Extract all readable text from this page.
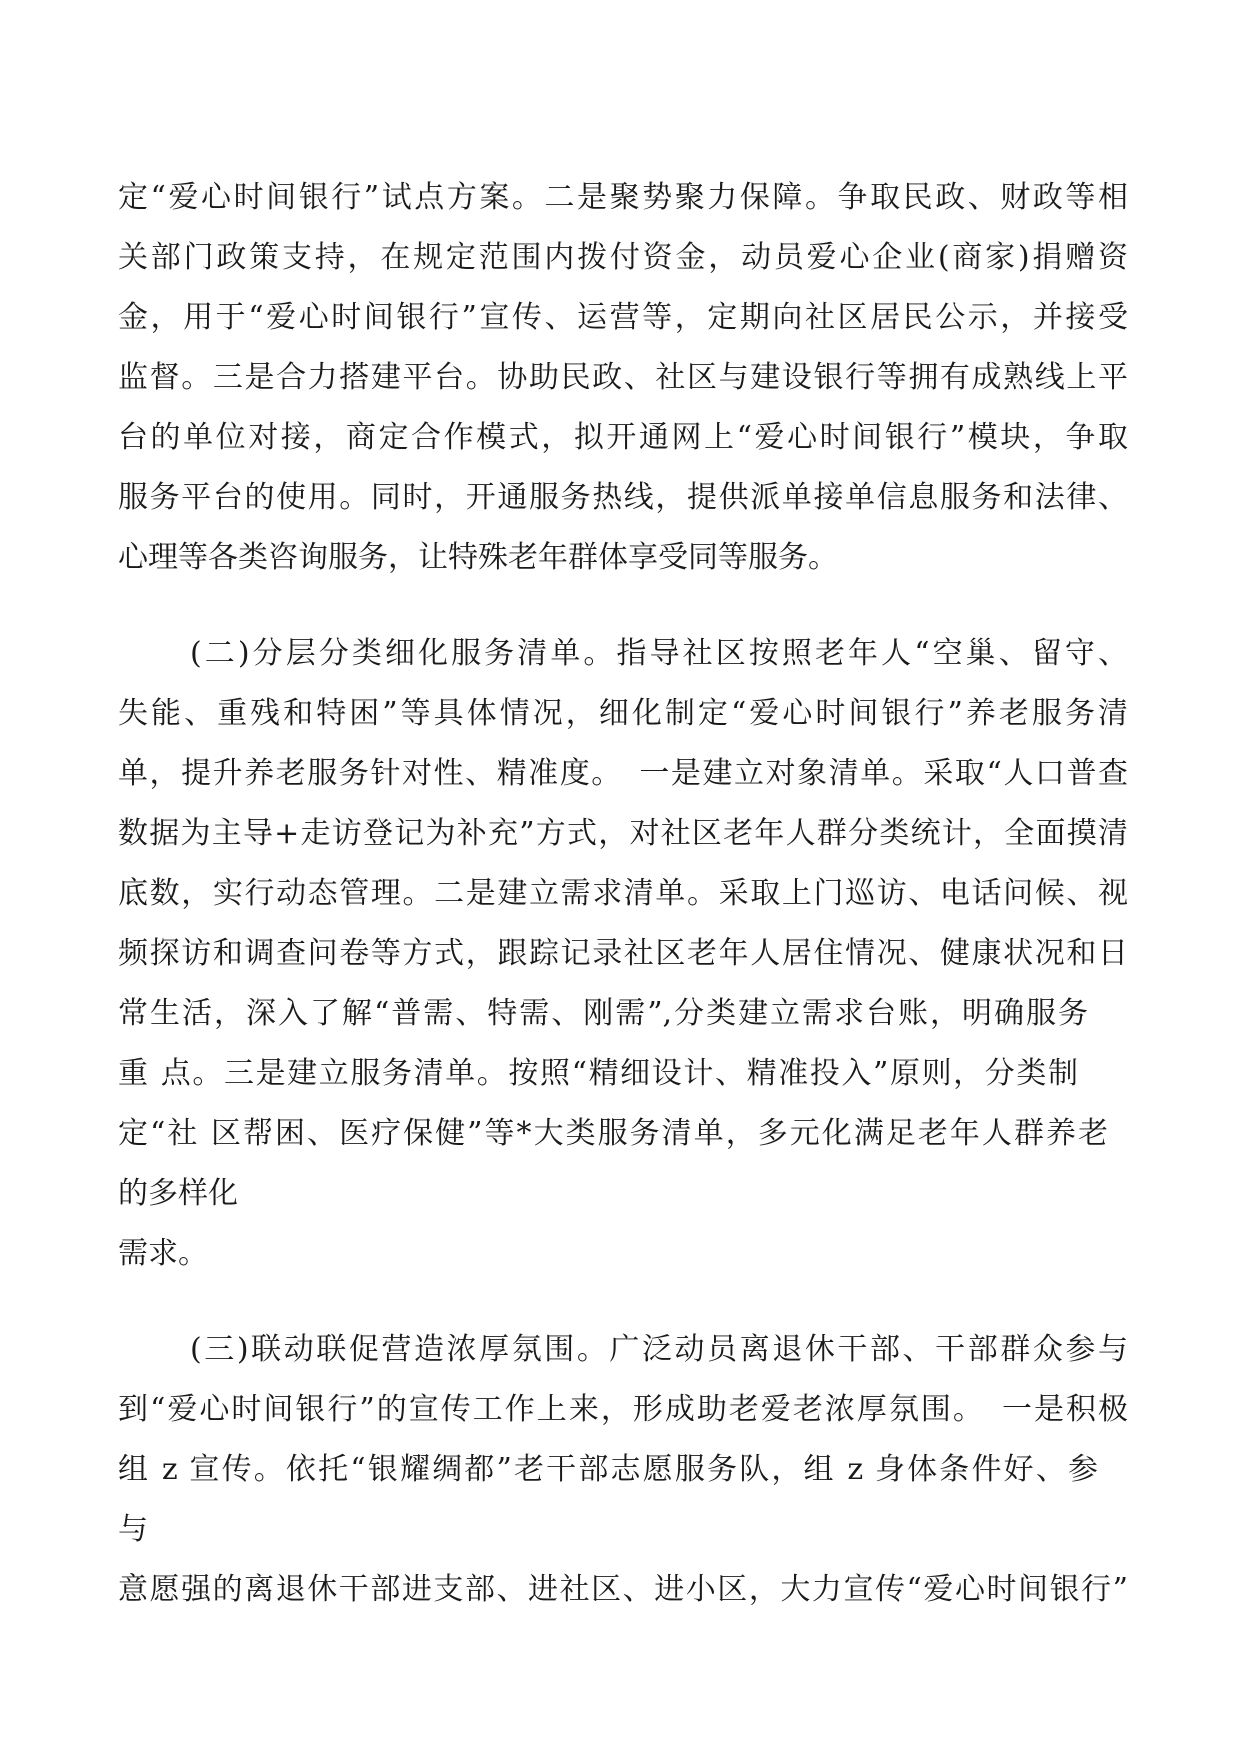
定“爱心时间银行”试点方案。二是聚势聚力保障。争取民政、财政等相
关部门政策支持，在规定范围内拨付资金，动员爱心企业(商家)捐赠资
金，用于“爱心时间银行”宣传、运营等，定期向社区居民公示，并接受
监督。三是合力搭建平台。协助民政、社区与建设银行等拥有成熟线上平
台的单位对接，商定合作模式，拟开通网上“爱心时间银行”模块，争取
服务平台的使用。同时，开通服务热线，提供派单接单信息服务和法律、
心理等各类咨询服务，让特殊老年群体享受同等服务。
(二)分层分类细化服务清单。指导社区按照老年人“空巢、留守、
失能、重残和特困”等具体情况，细化制定“爱心时间银行”养老服务清
单，提升养老服务针对性、精准度。　一是建立对象清单。采取“人口普查
数据为主导+走访登记为补充”方式，对社区老年人群分类统计，全面摸清
底数，实行动态管理。二是建立需求清单。采取上门巡访、电话问候、视
频探访和调查问卷等方式，跟踪记录社区老年人居住情况、健康状况和日
常生活，深入了解“普需、特需、刚需”,分类建立需求台账，明确服务
重 点。三是建立服务清单。按照“精细设计、精准投入”原则，分类制
定“社 区帮困、医疗保健”等*大类服务清单，多元化满足老年人群养老
的多样化
需求。
(三)联动联促营造浓厚氛围。广泛动员离退休干部、干部群众参与
到“爱心时间银行”的宣传工作上来，形成助老爱老浓厚氛围。　一是积极
组 z 宣传。依托“银耀绸都”老干部志愿服务队，组 z 身体条件好、参
与
意愿强的离退休干部进支部、进社区、进小区，大力宣传“爱心时间银行”
